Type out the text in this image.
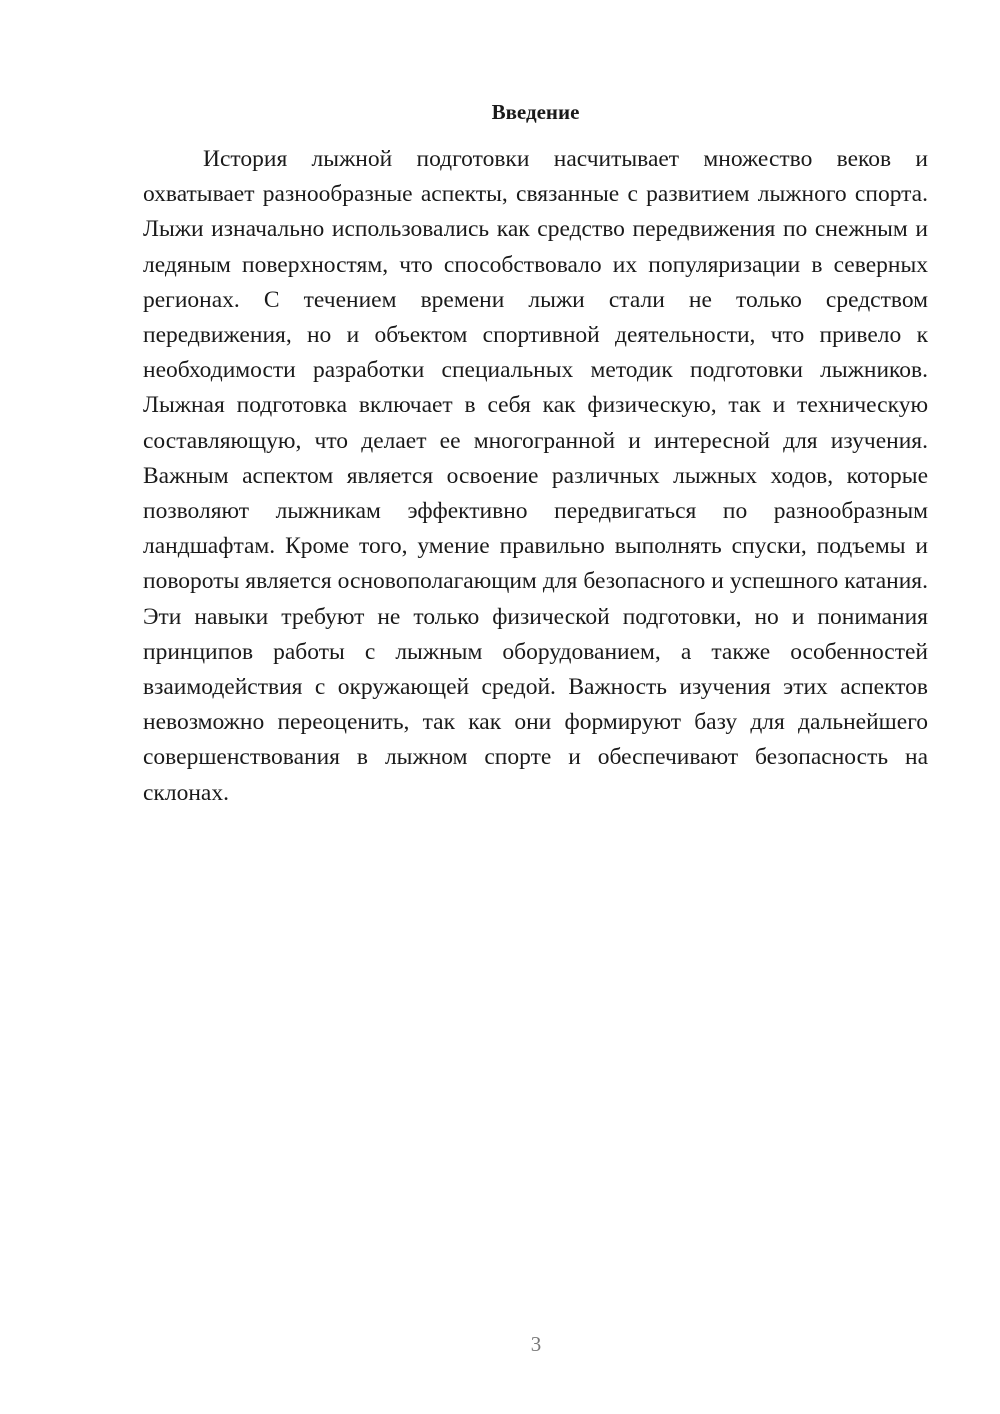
Введение

История лыжной подготовки насчитывает множество веков и охватывает разнообразные аспекты, связанные с развитием лыжного спорта. Лыжи изначально использовались как средство передвижения по снежным и ледяным поверхностям, что способствовало их популяризации в северных регионах. С течением времени лыжи стали не только средством передвижения, но и объектом спортивной деятельности, что привело к необходимости разработки специальных методик подготовки лыжников. Лыжная подготовка включает в себя как физическую, так и техническую составляющую, что делает ее многогранной и интересной для изучения. Важным аспектом является освоение различных лыжных ходов, которые позволяют лыжникам эффективно передвигаться по разнообразным ландшафтам. Кроме того, умение правильно выполнять спуски, подъемы и повороты является основополагающим для безопасного и успешного катания. Эти навыки требуют не только физической подготовки, но и понимания принципов работы с лыжным оборудованием, а также особенностей взаимодействия с окружающей средой. Важность изучения этих аспектов невозможно переоценить, так как они формируют базу для дальнейшего совершенствования в лыжном спорте и обеспечивают безопасность на склонах.

3
